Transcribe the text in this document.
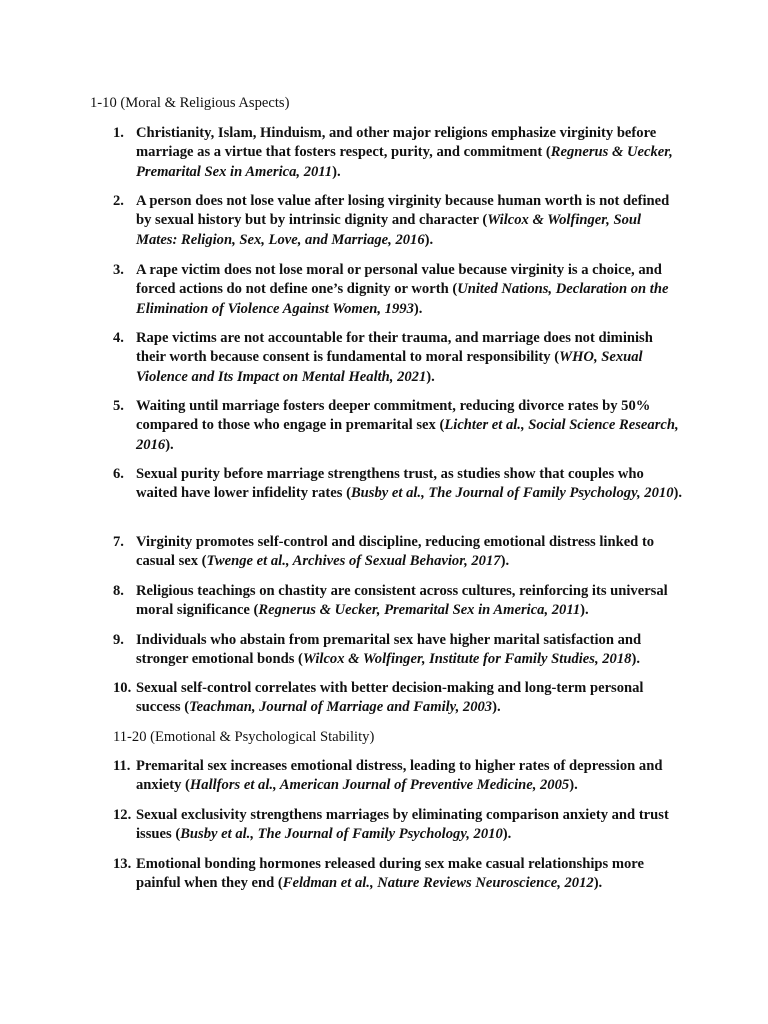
1-10 (Moral & Religious Aspects)
1. Christianity, Islam, Hinduism, and other major religions emphasize virginity before marriage as a virtue that fosters respect, purity, and commitment (Regnerus & Uecker, Premarital Sex in America, 2011).
2. A person does not lose value after losing virginity because human worth is not defined by sexual history but by intrinsic dignity and character (Wilcox & Wolfinger, Soul Mates: Religion, Sex, Love, and Marriage, 2016).
3. A rape victim does not lose moral or personal value because virginity is a choice, and forced actions do not define one’s dignity or worth (United Nations, Declaration on the Elimination of Violence Against Women, 1993).
4. Rape victims are not accountable for their trauma, and marriage does not diminish their worth because consent is fundamental to moral responsibility (WHO, Sexual Violence and Its Impact on Mental Health, 2021).
5. Waiting until marriage fosters deeper commitment, reducing divorce rates by 50% compared to those who engage in premarital sex (Lichter et al., Social Science Research, 2016).
6. Sexual purity before marriage strengthens trust, as studies show that couples who waited have lower infidelity rates (Busby et al., The Journal of Family Psychology, 2010).
7. Virginity promotes self-control and discipline, reducing emotional distress linked to casual sex (Twenge et al., Archives of Sexual Behavior, 2017).
8. Religious teachings on chastity are consistent across cultures, reinforcing its universal moral significance (Regnerus & Uecker, Premarital Sex in America, 2011).
9. Individuals who abstain from premarital sex have higher marital satisfaction and stronger emotional bonds (Wilcox & Wolfinger, Institute for Family Studies, 2018).
10. Sexual self-control correlates with better decision-making and long-term personal success (Teachman, Journal of Marriage and Family, 2003).
11-20 (Emotional & Psychological Stability)
11. Premarital sex increases emotional distress, leading to higher rates of depression and anxiety (Hallfors et al., American Journal of Preventive Medicine, 2005).
12. Sexual exclusivity strengthens marriages by eliminating comparison anxiety and trust issues (Busby et al., The Journal of Family Psychology, 2010).
13. Emotional bonding hormones released during sex make casual relationships more painful when they end (Feldman et al., Nature Reviews Neuroscience, 2012).
